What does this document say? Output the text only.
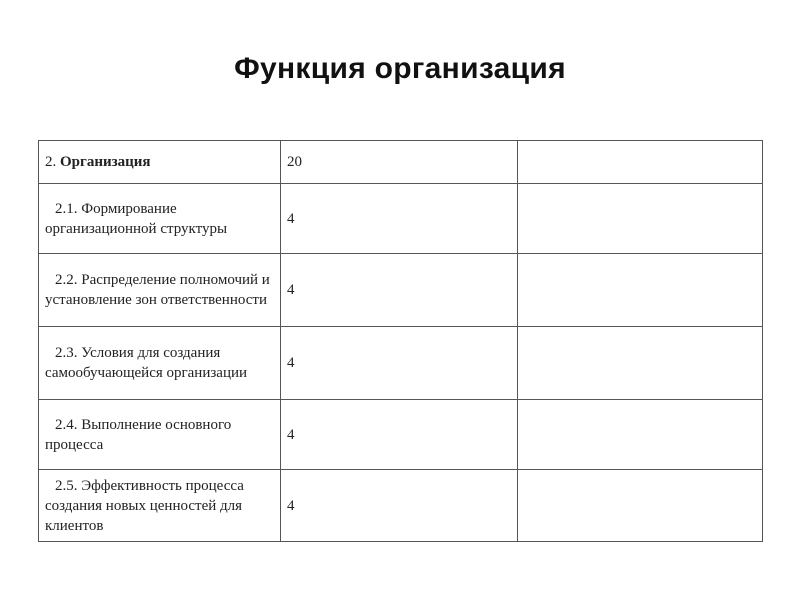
Функция организация
2. Организация	20	

2.1. Формирование организационной структуры	4	

2.2. Распределение полномочий и установление зон ответственности	4	

2.3. Условия для создания самообучающейся организации	4	

2.4. Выполнение основного процесса	4	

2.5. Эффективность процесса создания новых ценностей для клиентов	4	
